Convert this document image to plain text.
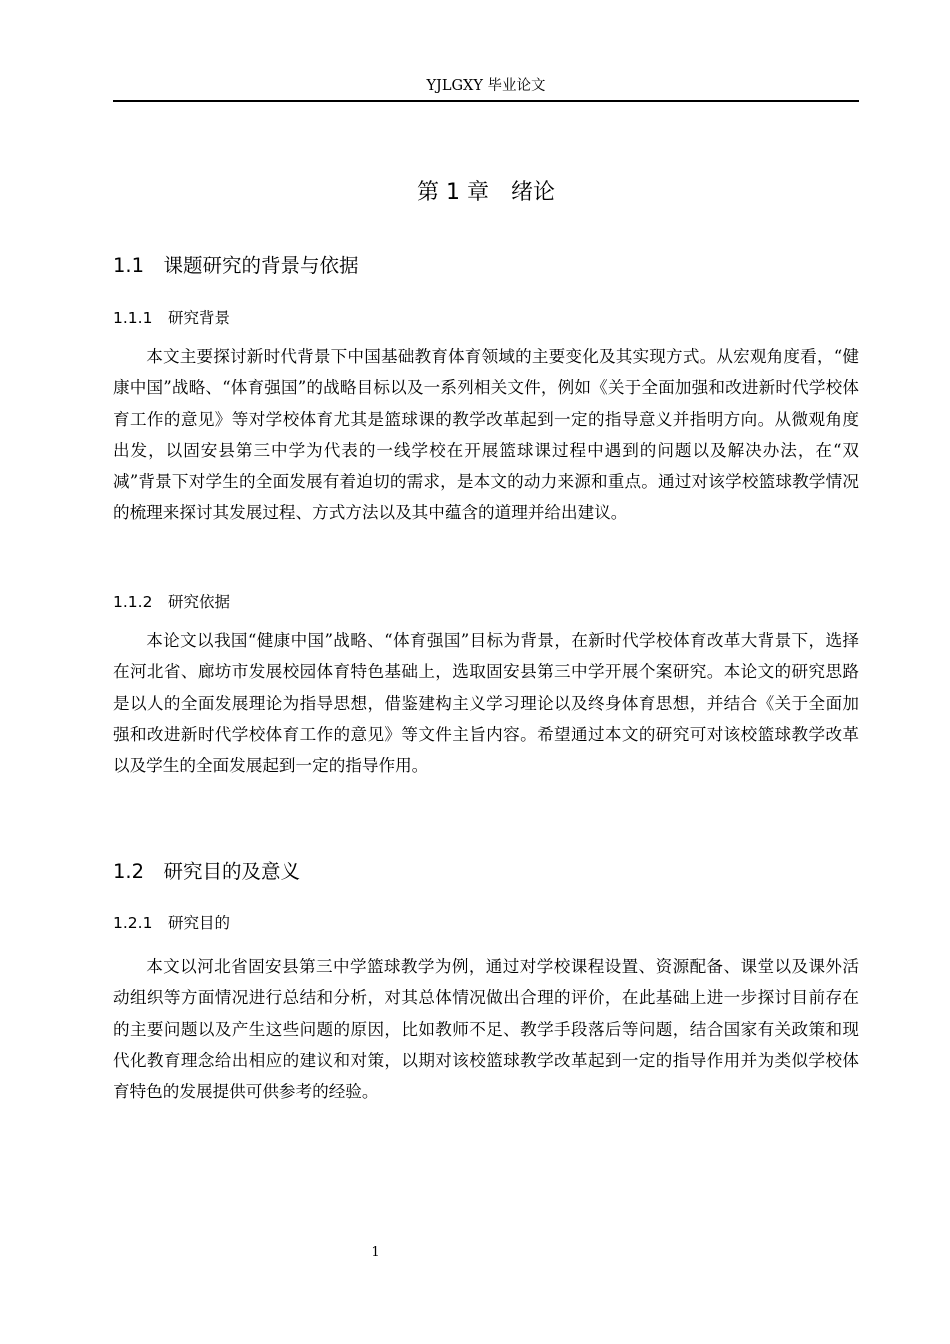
YJLGXY 毕业论文
第 1 章　绪论
1.1　课题研究的背景与依据
1.1.1　研究背景

本文主要探讨新时代背景下中国基础教育体育领域的主要变化及其实现方式。从宏观角度看，“健康中国”战略、“体育强国”的战略目标以及一系列相关文件，例如《关于全面加强和改进新时代学校体育工作的意见》等对学校体育尤其是篮球课的教学改革起到一定的指导意义并指明方向。从微观角度出发，以固安县第三中学为代表的一线学校在开展篮球课过程中遇到的问题以及解决办法，在“双减”背景下对学生的全面发展有着迫切的需求，是本文的动力来源和重点。通过对该学校篮球教学情况的梳理来探讨其发展过程、方式方法以及其中蕴含的道理并给出建议。

1.1.2　研究依据

本论文以我国“健康中国”战略、“体育强国”目标为背景，在新时代学校体育改革大背景下，选择在河北省、廊坊市发展校园体育特色基础上，选取固安县第三中学开展个案研究。本论文的研究思路是以人的全面发展理论为指导思想，借鉴建构主义学习理论以及终身体育思想，并结合《关于全面加强和改进新时代学校体育工作的意见》等文件主旨内容。希望通过本文的研究可对该校篮球教学改革以及学生的全面发展起到一定的指导作用。

1.2　研究目的及意义
1.2.1　研究目的

本文以河北省固安县第三中学篮球教学为例，通过对学校课程设置、资源配备、课堂以及课外活动组织等方面情况进行总结和分析，对其总体情况做出合理的评价，在此基础上进一步探讨目前存在的主要问题以及产生这些问题的原因，比如教师不足、教学手段落后等问题，结合国家有关政策和现代化教育理念给出相应的建议和对策，以期对该校篮球教学改革起到一定的指导作用并为类似学校体育特色的发展提供可供参考的经验。

1
